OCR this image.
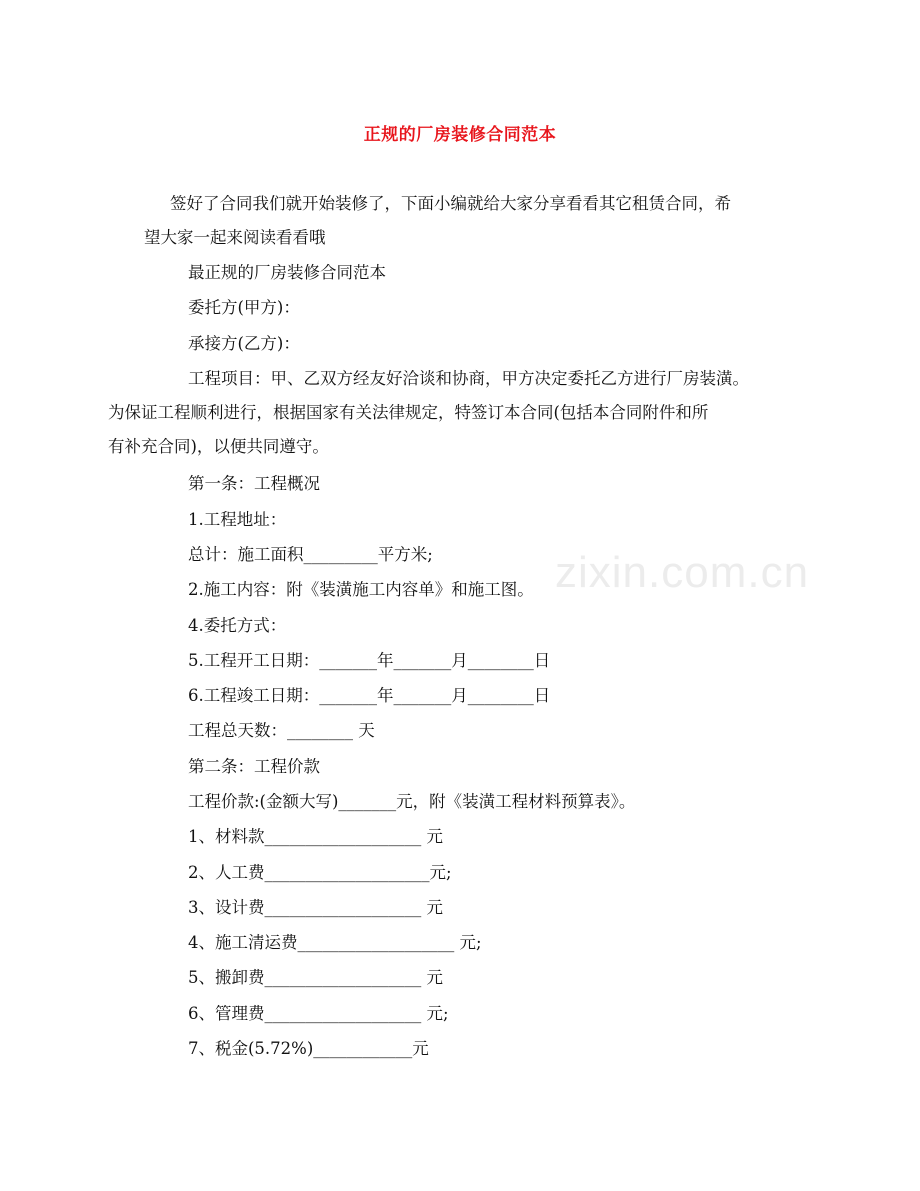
正规的厂房装修合同范本
签好了合同我们就开始装修了，下面小编就给大家分享看看其它租赁合同，希
望大家一起来阅读看看哦
最正规的厂房装修合同范本
委托方(甲方)：
承接方(乙方)：
工程项目：甲、乙双方经友好洽谈和协商，甲方决定委托乙方进行厂房装潢。
为保证工程顺利进行，根据国家有关法律规定，特签订本合同(包括本合同附件和所
有补充合同)，以便共同遵守。
第一条：工程概况
1.工程地址：
总计：施工面积_________平方米;
2.施工内容：附《装潢施工内容单》和施工图。
4.委托方式：
5.工程开工日期：_______年_______月________日
6.工程竣工日期：_______年_______月________日
工程总天数：________ 天
第二条：工程价款
工程价款:(金额大写)_______元，附《装潢工程材料预算表》。
1、材料款___________________ 元
2、人工费____________________元;
3、设计费___________________ 元
4、施工清运费___________________ 元;
5、搬卸费___________________ 元
6、管理费___________________ 元;
7、税金(5.72%)____________元
zixin.com.cn
